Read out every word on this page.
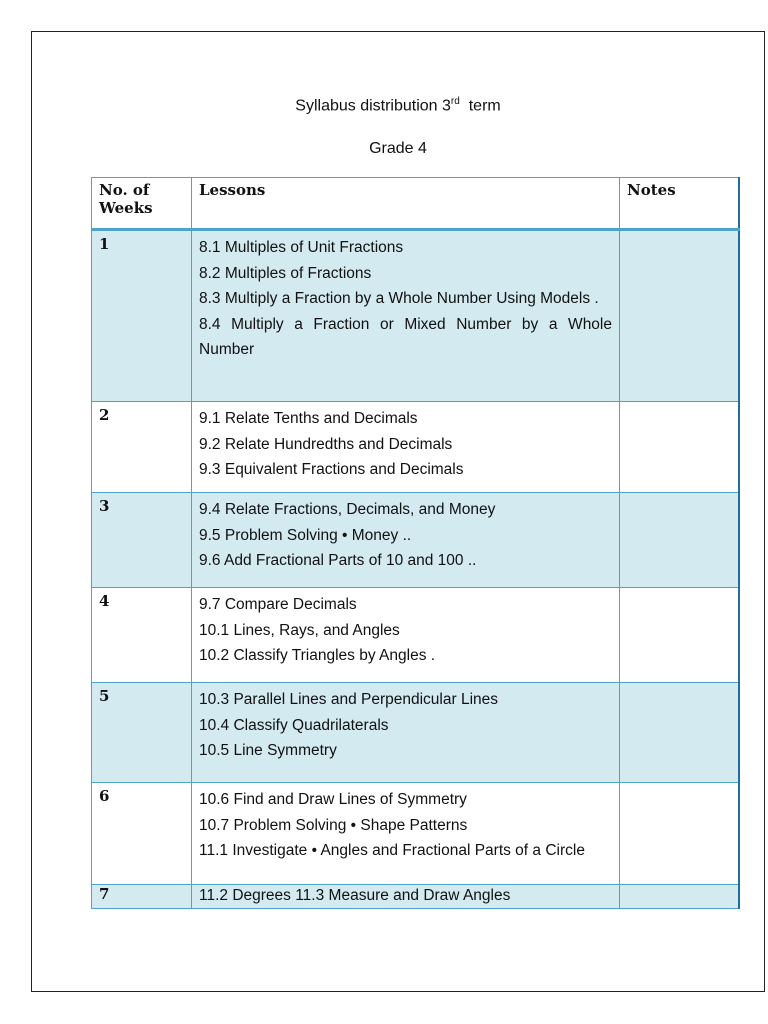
Syllabus distribution 3rd term
Grade 4
No. of Weeks	Lessons	Notes
1	8.1 Multiples of Unit Fractions
8.2 Multiples of Fractions
8.3 Multiply a Fraction by a Whole Number Using Models .
8.4 Multiply a Fraction or Mixed Number by a Whole Number	

2	9.1 Relate Tenths and Decimals
9.2 Relate Hundredths and Decimals
9.3 Equivalent Fractions and Decimals	

3	9.4 Relate Fractions, Decimals, and Money
9.5 Problem Solving • Money ..
9.6 Add Fractional Parts of 10 and 100 ..	

4	9.7 Compare Decimals
10.1 Lines, Rays, and Angles
10.2 Classify Triangles by Angles .	

5	10.3 Parallel Lines and Perpendicular Lines
10.4 Classify Quadrilaterals
10.5 Line Symmetry	

6	10.6 Find and Draw Lines of Symmetry
10.7 Problem Solving • Shape Patterns
11.1 Investigate • Angles and Fractional Parts of a Circle	

7	11.2 Degrees 11.3 Measure and Draw Angles	
